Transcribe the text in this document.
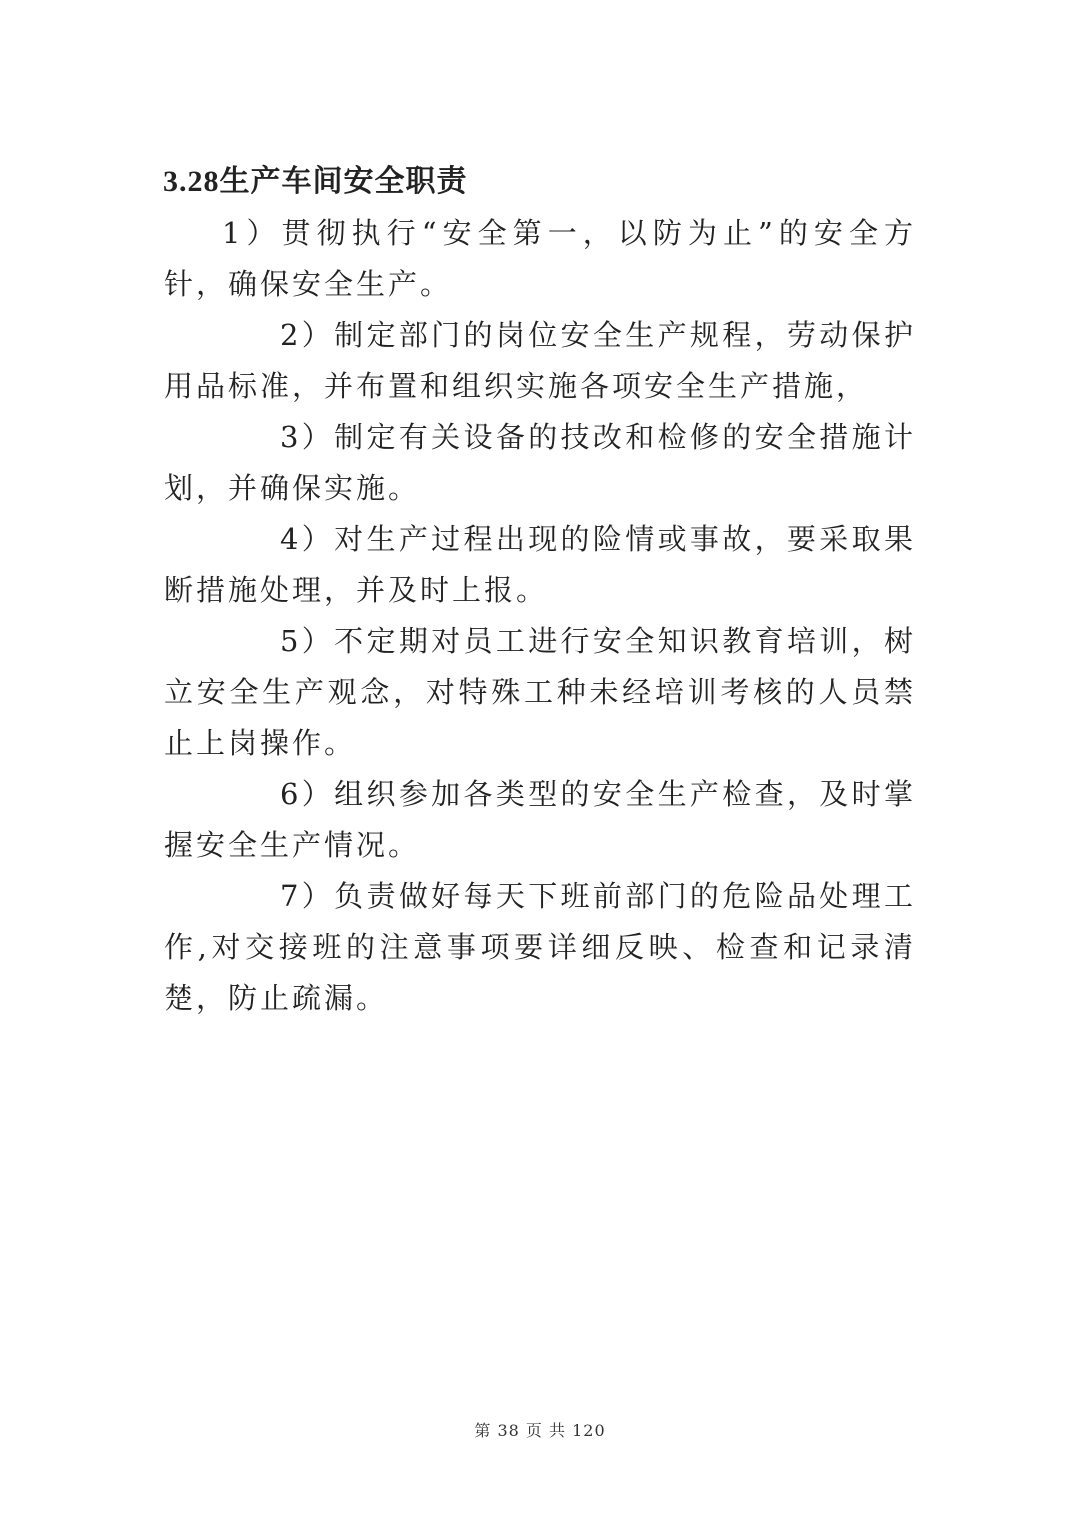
3.28生产车间安全职责

1）贯彻执行“安全第一，以防为止”的安全方针，确保安全生产。

2）制定部门的岗位安全生产规程，劳动保护用品标准，并布置和组织实施各项安全生产措施，

3）制定有关设备的技改和检修的安全措施计划，并确保实施。

4）对生产过程出现的险情或事故，要采取果断措施处理，并及时上报。

5）不定期对员工进行安全知识教育培训，树立安全生产观念，对特殊工种未经培训考核的人员禁止上岗操作。

6）组织参加各类型的安全生产检查，及时掌握安全生产情况。

7）负责做好每天下班前部门的危险品处理工作,对交接班的注意事项要详细反映、检查和记录清楚，防止疏漏。

第 38 页 共 120
